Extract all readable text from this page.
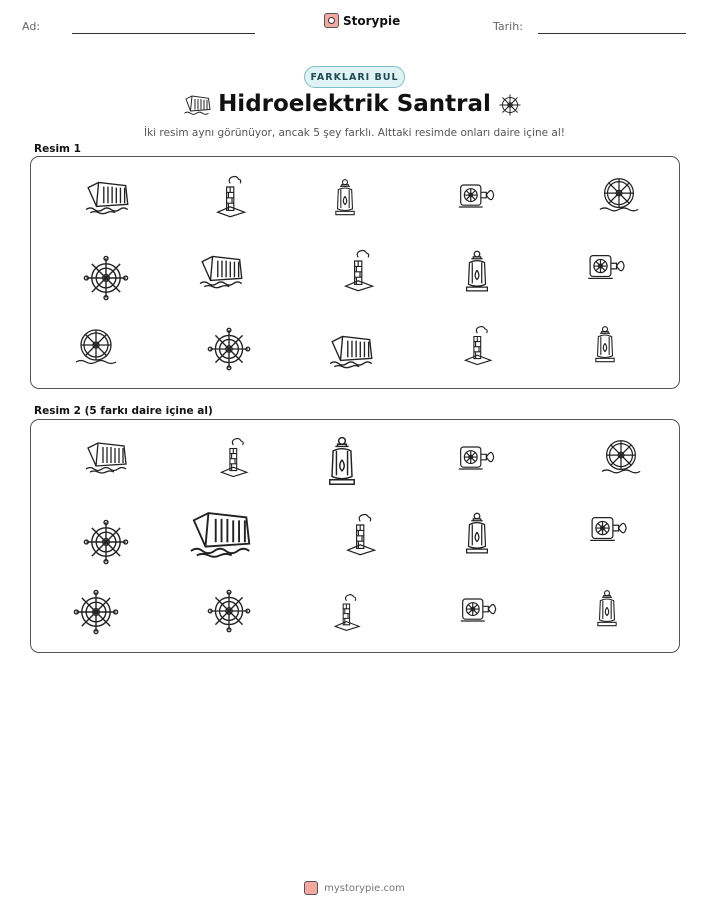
Ad:	Storypie	Tarih:
FARKLARI BUL
Hidroelektrik Santral
İki resim aynı görünüyor, ancak 5 şey farklı. Alttaki resimde onları daire içine al!
Resim 1
Resim 2 (5 farkı daire içine al)
mystorypie.com
